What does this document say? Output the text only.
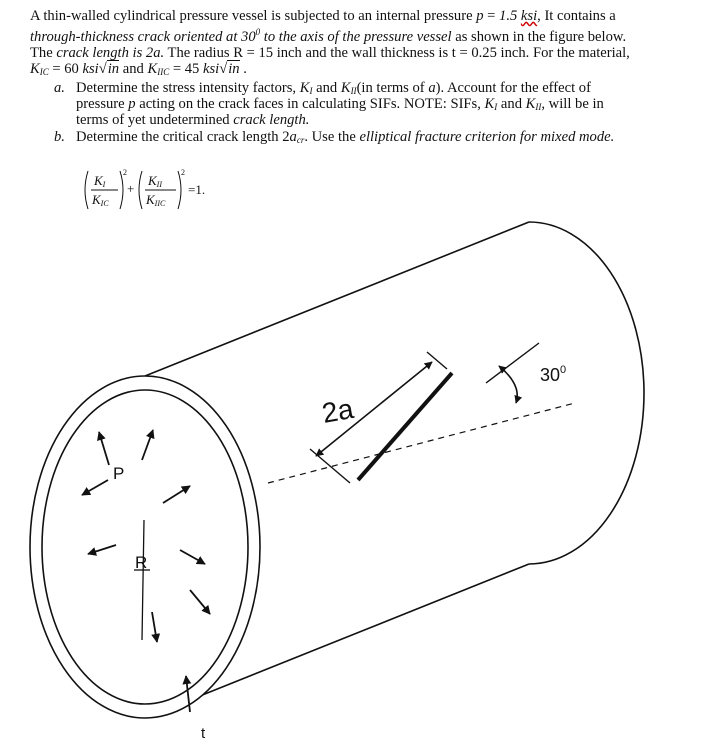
A thin-walled cylindrical pressure vessel is subjected to an internal pressure p = 1.5 ksi, It contains a
through-thickness crack oriented at $30^0$ to the axis of the pressure vessel as shown in the figure below.
The crack length is 2a. The radius R = 15 inch and the wall thickness is t = 0.25 inch. For the material,
$K_{IC} = 60$ ksi√in and $K_{IIC} = 45$ ksi√in .

a. Determine the stress intensity factors, $K_I$ and $K_{II}(in$ terms of a). Account for the effect of
pressure p acting on the crack faces in calculating SIFs. NOTE: SIFs, $K_I$ and $K_{II}$, will be in
terms of yet undetermined crack length.
b. Determine the critical crack length $2a_{cr}$. Use the elliptical fracture criterion for mixed mode.
KI
KIC
2
+
KII
KIIC
2
=1.
2a
$30^0$
P
R
t
